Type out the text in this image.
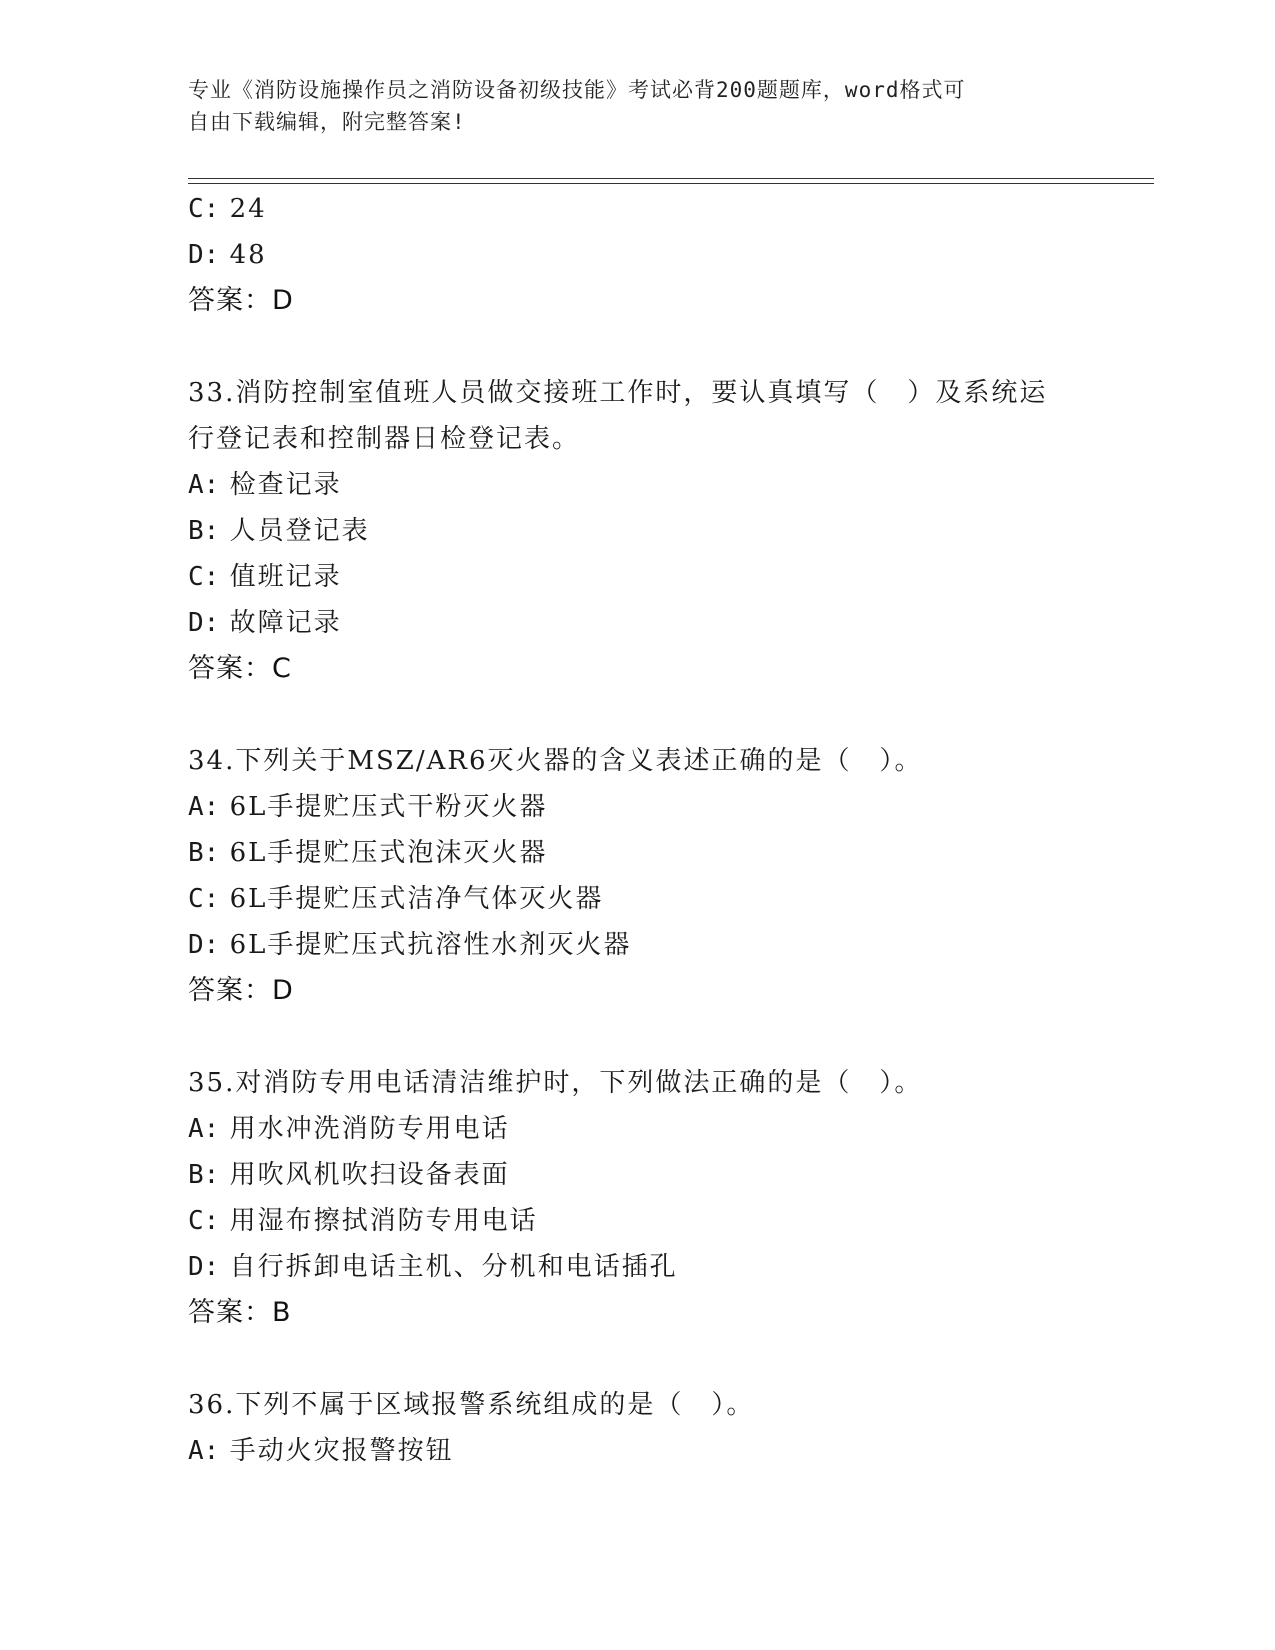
专业《消防设施操作员之消防设备初级技能》考试必背200题题库，word格式可
自由下载编辑，附完整答案!
C: 24
D: 48
答案：D
33.消防控制室值班人员做交接班工作时，要认真填写（　）及系统运
行登记表和控制器日检登记表。
A: 检查记录
B: 人员登记表
C: 值班记录
D: 故障记录
答案：C
34.下列关于MSZ/AR6灭火器的含义表述正确的是（　）。
A: 6L手提贮压式干粉灭火器
B: 6L手提贮压式泡沫灭火器
C: 6L手提贮压式洁净气体灭火器
D: 6L手提贮压式抗溶性水剂灭火器
答案：D
35.对消防专用电话清洁维护时，下列做法正确的是（　）。
A: 用水冲洗消防专用电话
B: 用吹风机吹扫设备表面
C: 用湿布擦拭消防专用电话
D: 自行拆卸电话主机、分机和电话插孔
答案：B
36.下列不属于区域报警系统组成的是（　）。
A: 手动火灾报警按钮
